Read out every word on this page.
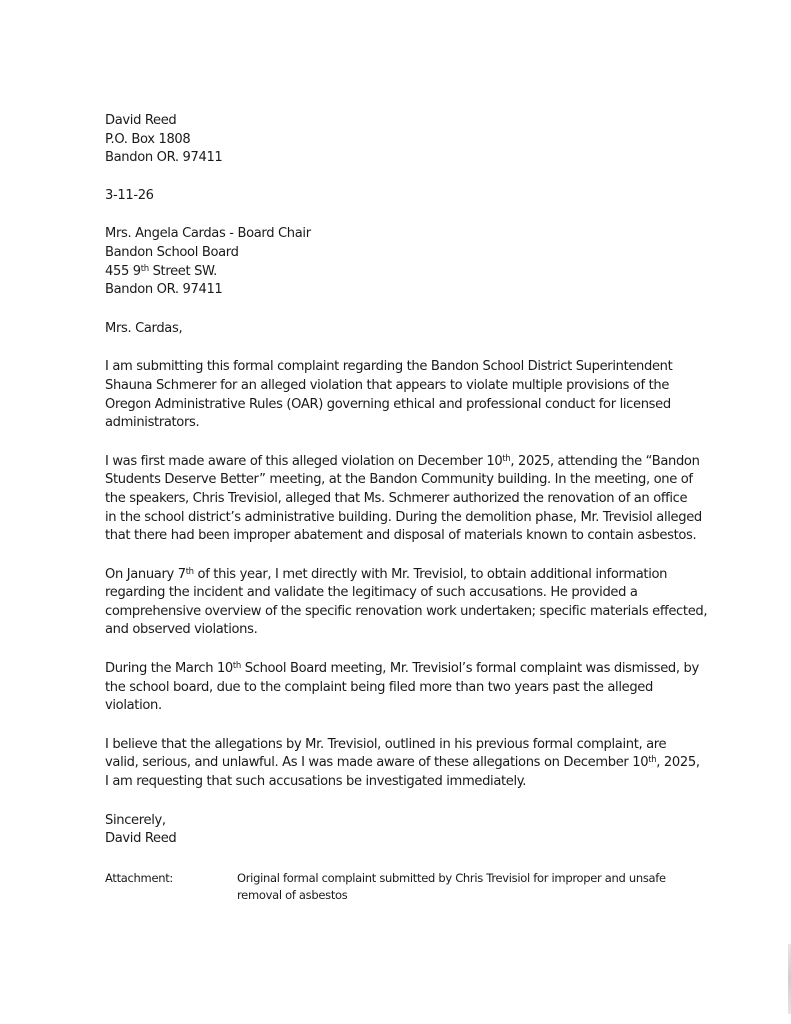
David Reed
P.O. Box 1808
Bandon OR. 97411
3-11-26
Mrs. Angela Cardas - Board Chair
Bandon School Board
455 9th Street SW.
Bandon OR. 97411
Mrs. Cardas,
I am submitting this formal complaint regarding the Bandon School District Superintendent
Shauna Schmerer for an alleged violation that appears to violate multiple provisions of the
Oregon Administrative Rules (OAR) governing ethical and professional conduct for licensed
administrators.
I was first made aware of this alleged violation on December 10th, 2025, attending the “Bandon
Students Deserve Better” meeting, at the Bandon Community building. In the meeting, one of
the speakers, Chris Trevisiol, alleged that Ms. Schmerer authorized the renovation of an office
in the school district’s administrative building. During the demolition phase, Mr. Trevisiol alleged
that there had been improper abatement and disposal of materials known to contain asbestos.
On January 7th of this year, I met directly with Mr. Trevisiol, to obtain additional information
regarding the incident and validate the legitimacy of such accusations. He provided a
comprehensive overview of the specific renovation work undertaken; specific materials effected,
and observed violations.
During the March 10th School Board meeting, Mr. Trevisiol’s formal complaint was dismissed, by
the school board, due to the complaint being filed more than two years past the alleged
violation.
I believe that the allegations by Mr. Trevisiol, outlined in his previous formal complaint, are
valid, serious, and unlawful. As I was made aware of these allegations on December 10th, 2025,
I am requesting that such accusations be investigated immediately.
Sincerely,
David Reed
Attachment:	Original formal complaint submitted by Chris Trevisiol for improper and unsafe
removal of asbestos
